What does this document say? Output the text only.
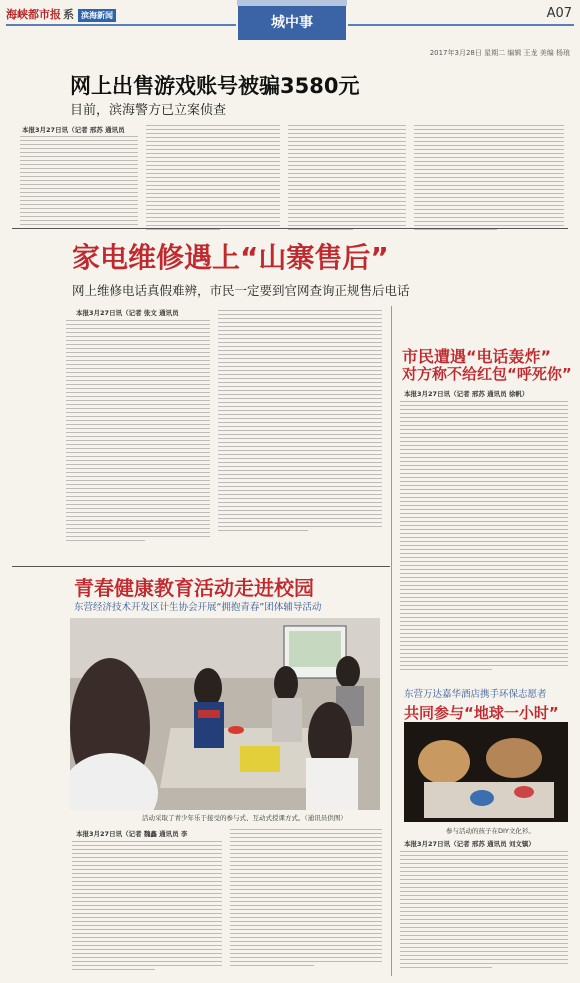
海峡都市报 系 滨海新闻	城中事
A07
2017年3月28日 星期二 编辑 王龙 美编 杨琅
网上出售游戏账号被骗3580元
目前，滨海警方已立案侦查
本报3月27日讯（记者 邢苏 通讯员
家电维修遇上“山寨售后”
网上维修电话真假难辨，市民一定要到官网查询正规售后电话
本报3月27日讯（记者 张文 通讯员
市民遭遇“电话轰炸”
对方称不给红包“呼死你”
本报3月27日讯（记者 邢苏 通讯员 徐帆）
青春健康教育活动走进校园
东营经济技术开发区计生协会开展“拥抱青春”团体辅导活动
活动采取了青少年乐于接受的参与式、互动式授课方式。（通讯员供图）
本报3月27日讯（记者 魏鑫 通讯员 李
东营万达嘉华酒店携手环保志愿者
共同参与“地球一小时”
参与活动的孩子在DIY文化衫。
本报3月27日讯（记者 邢苏 通讯员 刘文镇）
